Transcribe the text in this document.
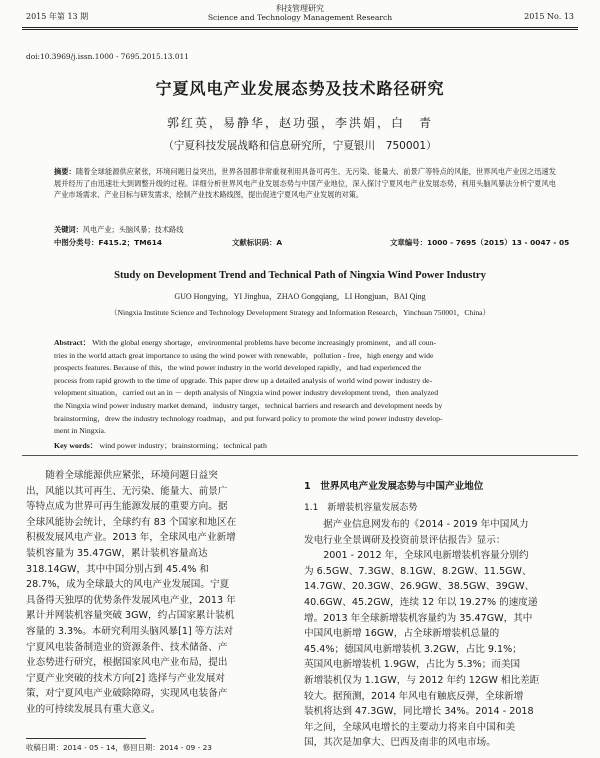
2015 年第 13 期
科技管理研究
Science and Technology Management Research	2015 No. 13
doi:10.3969/j.issn.1000 - 7695.2015.13.011
宁夏风电产业发展态势及技术路径研究
郭红英，易静华，赵功强，李洪娟，白　青
（宁夏科技发展战略和信息研究所，宁夏银川　750001）
摘要：随着全球能源供应紧张，环境问题日益突出，世界各国都非常重视利用具备可再生、无污染、能量大、前景广等特点的风能，世界风电产业因之迅速发展并经历了由迅速壮大到调整升级的过程。详细分析世界风电产业发展态势与中国产业地位，深入探讨宁夏风电产业发展态势，利用头脑风暴法分析宁夏风电产业市场需求、产业目标与研发需求，绘制产业技术路线图，提出促进宁夏风电产业发展的对策。
关键词：风电产业；头脑风暴；技术路线
中图分类号：F415.2；TM614	文献标识码：A	文章编号：1000 - 7695（2015）13 - 0047 - 05
Study on Development Trend and Technical Path of Ningxia Wind Power Industry
GUO Hongying，YI Jinghua，ZHAO Gongqiang，LI Hongjuan，BAI Qing
（Ningxia Institute Science and Technology Development Strategy and Information Research，Yinchuan 750001，China）

Abstract： With the global energy shortage，environmental problems have become increasingly prominent，and all coun-

tries in the world attach great importance to using the wind power with renewable，pollution - free，high energy and wide

prospects features. Because of this，the wind power industry in the world developed rapidly，and had experienced the

process from rapid growth to the time of upgrade. This paper drew up a detailed analysis of world wind power industry de-

velopment situation，carried out an in － depth analysis of Ningxia wind power industry development trend，then analyzed

the Ningxia wind power industry market demand，industry target，technical barriers and research and development needs by

brainstorming，drew the industry technology roadmap，and put forward policy to promote the wind power industry develop-

ment in Ningxia.

Key words： wind power industry；brainstorming；technical path

随着全球能源供应紧张，环境问题日益突

出，风能以其可再生、无污染、能量大、前景广

等特点成为世界可再生能源发展的重要方向。据

全球风能协会统计，全球约有 83 个国家和地区在

积极发展风电产业。2013 年，全球风电产业新增

装机容量为 35.47GW，累计装机容量高达

318.14GW，其中中国分别占到 45.4% 和

28.7%，成为全球最大的风电产业发展国。宁夏

具备得天独厚的优势条件发展风电产业，2013 年

累计并网装机容量突破 3GW，约占国家累计装机

容量的 3.3%。本研究利用头脑风暴[1] 等方法对

宁夏风电装备制造业的资源条件、技术储备、产

业态势进行研究，根据国家风电产业布局，提出

宁夏产业突破的技术方向[2] 选择与产业发展对

策，对宁夏风电产业破除障碍，实现风电装备产

业的可持续发展具有重大意义。

1　世界风电产业发展态势与中国产业地位
1.1　新增装机容量发展态势

据产业信息网发布的《2014 - 2019 年中国风力

发电行业全景调研及投资前景评估报告》显示：

2001 - 2012 年，全球风电新增装机容量分别约

为 6.5GW、7.3GW、8.1GW、8.2GW、11.5GW、

14.7GW、20.3GW、26.9GW、38.5GW、39GW、

40.6GW、45.2GW，连续 12 年以 19.27% 的速度递

增。2013 年全球新增装机容量约为 35.47GW，其中

中国风电新增 16GW，占全球新增装机总量的

45.4%；德国风电新增装机 3.2GW，占比 9.1%；

英国风电新增装机 1.9GW，占比为 5.3%；而美国

新增装机仅为 1.1GW，与 2012 年约 12GW 相比差距

较大。据预测，2014 年风电有触底反弹，全球新增

装机将达到 47.3GW，同比增长 34%。2014 - 2018

年之间，全球风电增长的主要动力将来自中国和美

国，其次是加拿大、巴西及南非的风电市场。

收稿日期：2014 - 05 - 14，修回日期：2014 - 09 - 23
